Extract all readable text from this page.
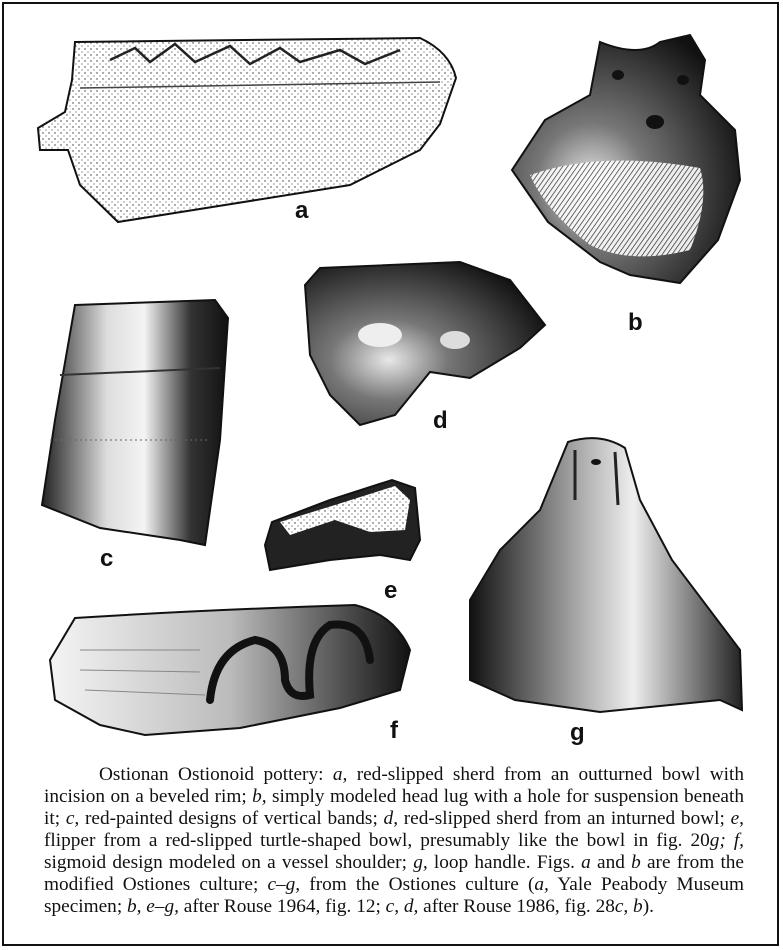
a
b
c
d
e
f	g

Ostionan Ostionoid pottery: a, red-slipped sherd from an outturned bowl with incision on a beveled rim; b, simply modeled head lug with a hole for suspension beneath it; c, red-painted designs of vertical bands; d, red-slipped sherd from an inturned bowl; e, flipper from a red-slipped turtle-shaped bowl, presumably like the bowl in fig. 20g; f, sigmoid design modeled on a vessel shoulder; g, loop handle. Figs. a and b are from the modified Ostiones culture; c–g, from the Ostiones culture (a, Yale Peabody Museum specimen; b, e–g, after Rouse 1964, fig. 12; c, d, after Rouse 1986, fig. 28c, b).
